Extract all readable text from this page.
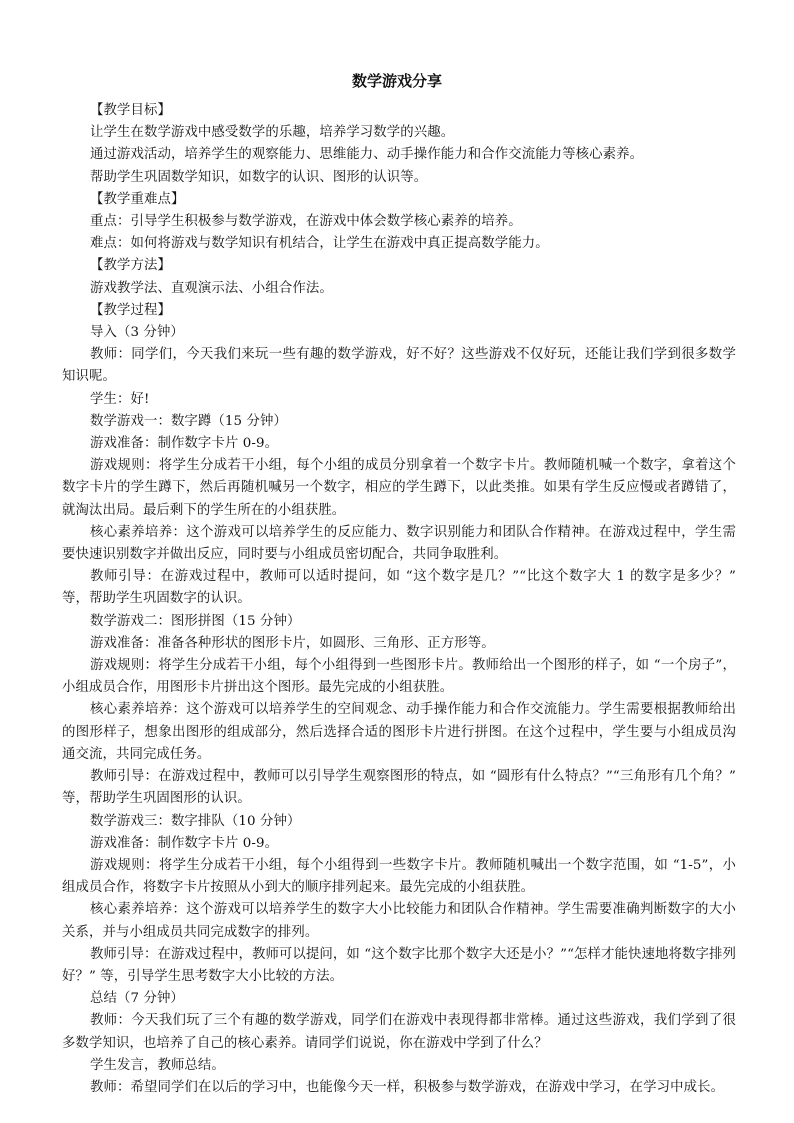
数学游戏分享

【教学目标】

让学生在数学游戏中感受数学的乐趣，培养学习数学的兴趣。

通过游戏活动，培养学生的观察能力、思维能力、动手操作能力和合作交流能力等核心素养。

帮助学生巩固数学知识，如数字的认识、图形的认识等。

【教学重难点】

重点：引导学生积极参与数学游戏，在游戏中体会数学核心素养的培养。

难点：如何将游戏与数学知识有机结合，让学生在游戏中真正提高数学能力。

【教学方法】

游戏教学法、直观演示法、小组合作法。

【教学过程】

导入（3 分钟）

教师：同学们，今天我们来玩一些有趣的数学游戏，好不好？这些游戏不仅好玩，还能让我们学到很多数学知识呢。

学生：好!

数学游戏一：数字蹲（15 分钟）

游戏准备：制作数字卡片 0-9。

游戏规则：将学生分成若干小组，每个小组的成员分别拿着一个数字卡片。教师随机喊一个数字，拿着这个数字卡片的学生蹲下，然后再随机喊另一个数字，相应的学生蹲下，以此类推。如果有学生反应慢或者蹲错了，就淘汰出局。最后剩下的学生所在的小组获胜。

核心素养培养：这个游戏可以培养学生的反应能力、数字识别能力和团队合作精神。在游戏过程中，学生需要快速识别数字并做出反应，同时要与小组成员密切配合，共同争取胜利。

教师引导：在游戏过程中，教师可以适时提问，如 “这个数字是几？”“比这个数字大 1 的数字是多少？” 等，帮助学生巩固数字的认识。

数学游戏二：图形拼图（15 分钟）

游戏准备：准备各种形状的图形卡片，如圆形、三角形、正方形等。

游戏规则：将学生分成若干小组，每个小组得到一些图形卡片。教师给出一个图形的样子，如 “一个房子”，小组成员合作，用图形卡片拼出这个图形。最先完成的小组获胜。

核心素养培养：这个游戏可以培养学生的空间观念、动手操作能力和合作交流能力。学生需要根据教师给出的图形样子，想象出图形的组成部分，然后选择合适的图形卡片进行拼图。在这个过程中，学生要与小组成员沟通交流，共同完成任务。

教师引导：在游戏过程中，教师可以引导学生观察图形的特点，如 “圆形有什么特点？”“三角形有几个角？” 等，帮助学生巩固图形的认识。

数学游戏三：数字排队（10 分钟）

游戏准备：制作数字卡片 0-9。

游戏规则：将学生分成若干小组，每个小组得到一些数字卡片。教师随机喊出一个数字范围，如 “1-5”，小组成员合作，将数字卡片按照从小到大的顺序排列起来。最先完成的小组获胜。

核心素养培养：这个游戏可以培养学生的数字大小比较能力和团队合作精神。学生需要准确判断数字的大小关系，并与小组成员共同完成数字的排列。

教师引导：在游戏过程中，教师可以提问，如 “这个数字比那个数字大还是小？”“怎样才能快速地将数字排列好？” 等，引导学生思考数字大小比较的方法。

总结（7 分钟）

教师：今天我们玩了三个有趣的数学游戏，同学们在游戏中表现得都非常棒。通过这些游戏，我们学到了很多数学知识，也培养了自己的核心素养。请同学们说说，你在游戏中学到了什么？

学生发言，教师总结。

教师：希望同学们在以后的学习中，也能像今天一样，积极参与数学游戏，在游戏中学习，在学习中成长。
